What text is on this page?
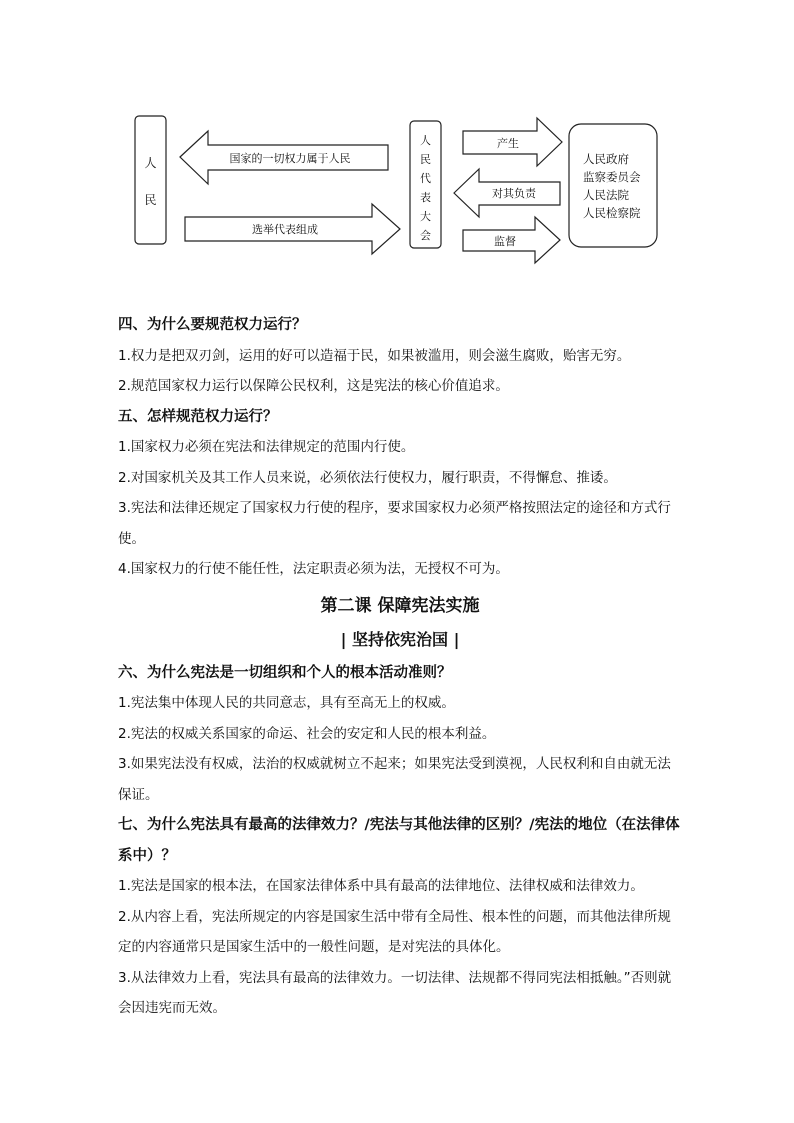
人
民
国家的一切权力属于人民
选举代表组成
人
民
代
表
大
会
产生
对其负责
监督
人民政府
监察委员会
人民法院
人民检察院

四、为什么要规范权力运行？

1.权力是把双刃剑，运用的好可以造福于民，如果被滥用，则会滋生腐败，贻害无穷。

2.规范国家权力运行以保障公民权利，这是宪法的核心价值追求。

五、怎样规范权力运行？

1.国家权力必须在宪法和法律规定的范围内行使。

2.对国家机关及其工作人员来说，必须依法行使权力，履行职责，不得懈怠、推诿。

3.宪法和法律还规定了国家权力行使的程序，要求国家权力必须严格按照法定的途径和方式行使。

4.国家权力的行使不能任性，法定职责必须为法，无授权不可为。

第二课 保障宪法实施

| 坚持依宪治国 |

六、为什么宪法是一切组织和个人的根本活动准则？

1.宪法集中体现人民的共同意志，具有至高无上的权威。

2.宪法的权威关系国家的命运、社会的安定和人民的根本利益。

3.如果宪法没有权威，法治的权威就树立不起来；如果宪法受到漠视，人民权利和自由就无法保证。

七、为什么宪法具有最高的法律效力？/宪法与其他法律的区别？/宪法的地位（在法律体系中）？

1.宪法是国家的根本法，在国家法律体系中具有最高的法律地位、法律权威和法律效力。

2.从内容上看，宪法所规定的内容是国家生活中带有全局性、根本性的问题，而其他法律所规定的内容通常只是国家生活中的一般性问题，是对宪法的具体化。

3.从法律效力上看，宪法具有最高的法律效力。一切法律、法规都不得同宪法相抵触。”否则就会因违宪而无效。
